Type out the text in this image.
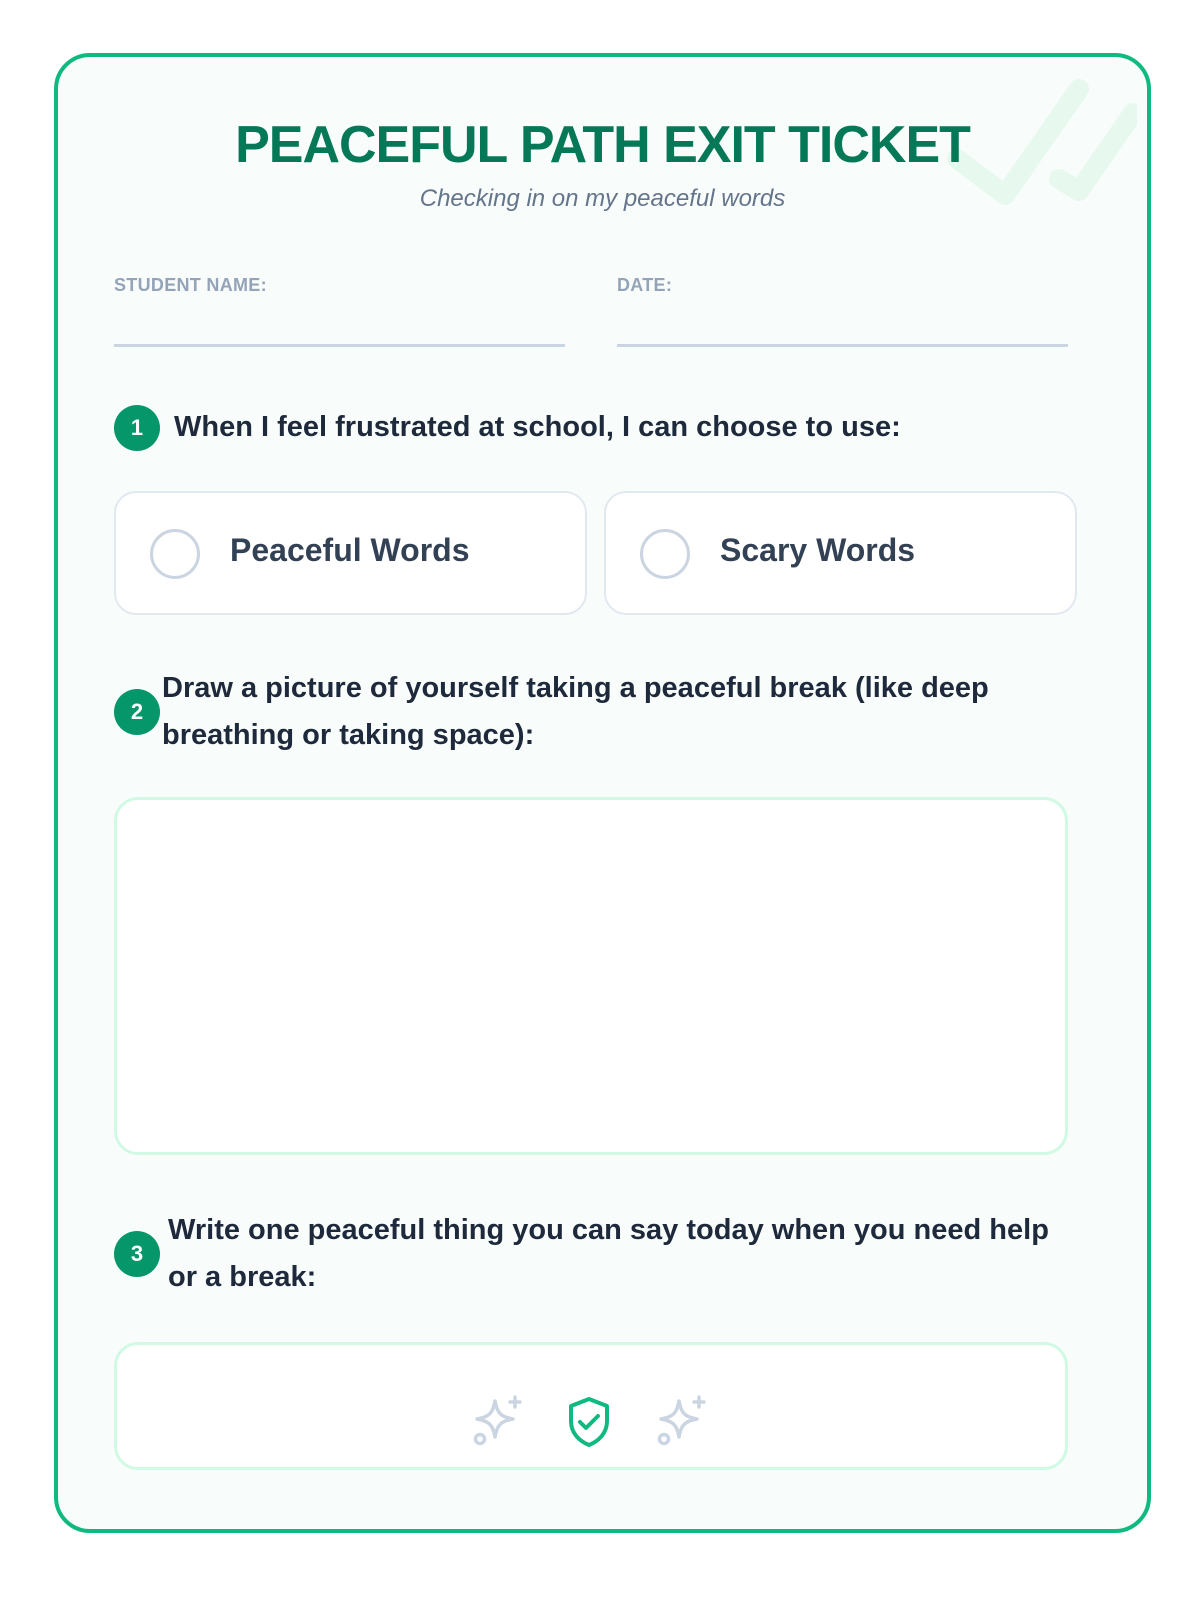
PEACEFUL PATH EXIT TICKET
Checking in on my peaceful words
STUDENT NAME:	DATE:
1	When I feel frustrated at school, I can choose to use:
Peaceful Words	Scary Words
2
Draw a picture of yourself taking a peaceful break (like deep breathing or taking space):
3
Write one peaceful thing you can say today when you need help or a break:
